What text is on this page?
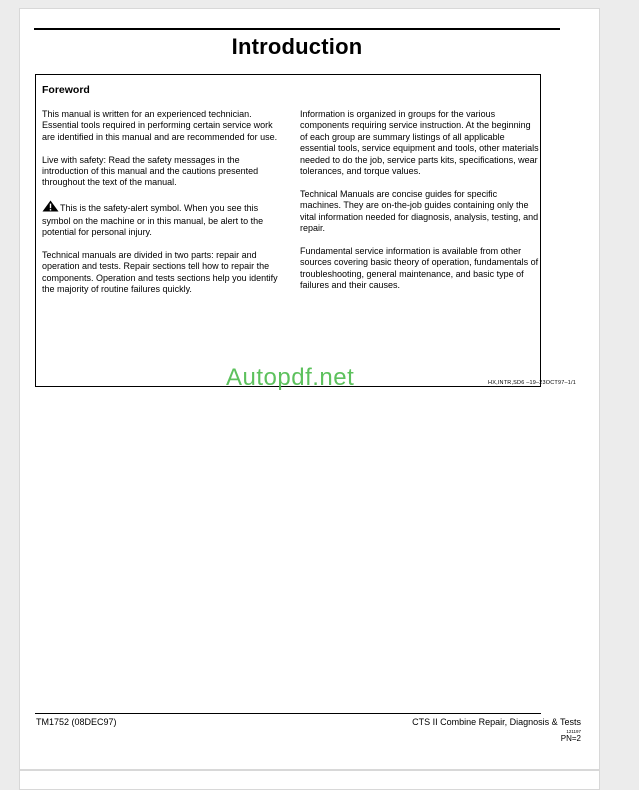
Introduction
Foreword

This manual is written for an experienced technician. Essential tools required in performing certain service work are identified in this manual and are recommended for use.

Live with safety: Read the safety messages in the introduction of this manual and the cautions presented throughout the text of the manual.

This is the safety-alert symbol. When you see this symbol on the machine or in this manual, be alert to the potential for personal injury.

Technical manuals are divided in two parts: repair and operation and tests. Repair sections tell how to repair the components. Operation and tests sections help you identify the majority of routine failures quickly.

Information is organized in groups for the various components requiring service instruction. At the beginning of each group are summary listings of all applicable essential tools, service equipment and tools, other materials needed to do the job, service parts kits, specifications, wear tolerances, and torque values.

Technical Manuals are concise guides for specific machines. They are on-the-job guides containing only the vital information needed for diagnosis, analysis, testing, and repair.

Fundamental service information is available from other sources covering basic theory of operation, fundamentals of troubleshooting, general maintenance, and basic type of failures and their causes.

HX,INTR,SD6 –19–23OCT97–1/1
Autopdf.net
TM1752 (08DEC97)	CTS II Combine Repair, Diagnosis & Tests
121197
PN=2
